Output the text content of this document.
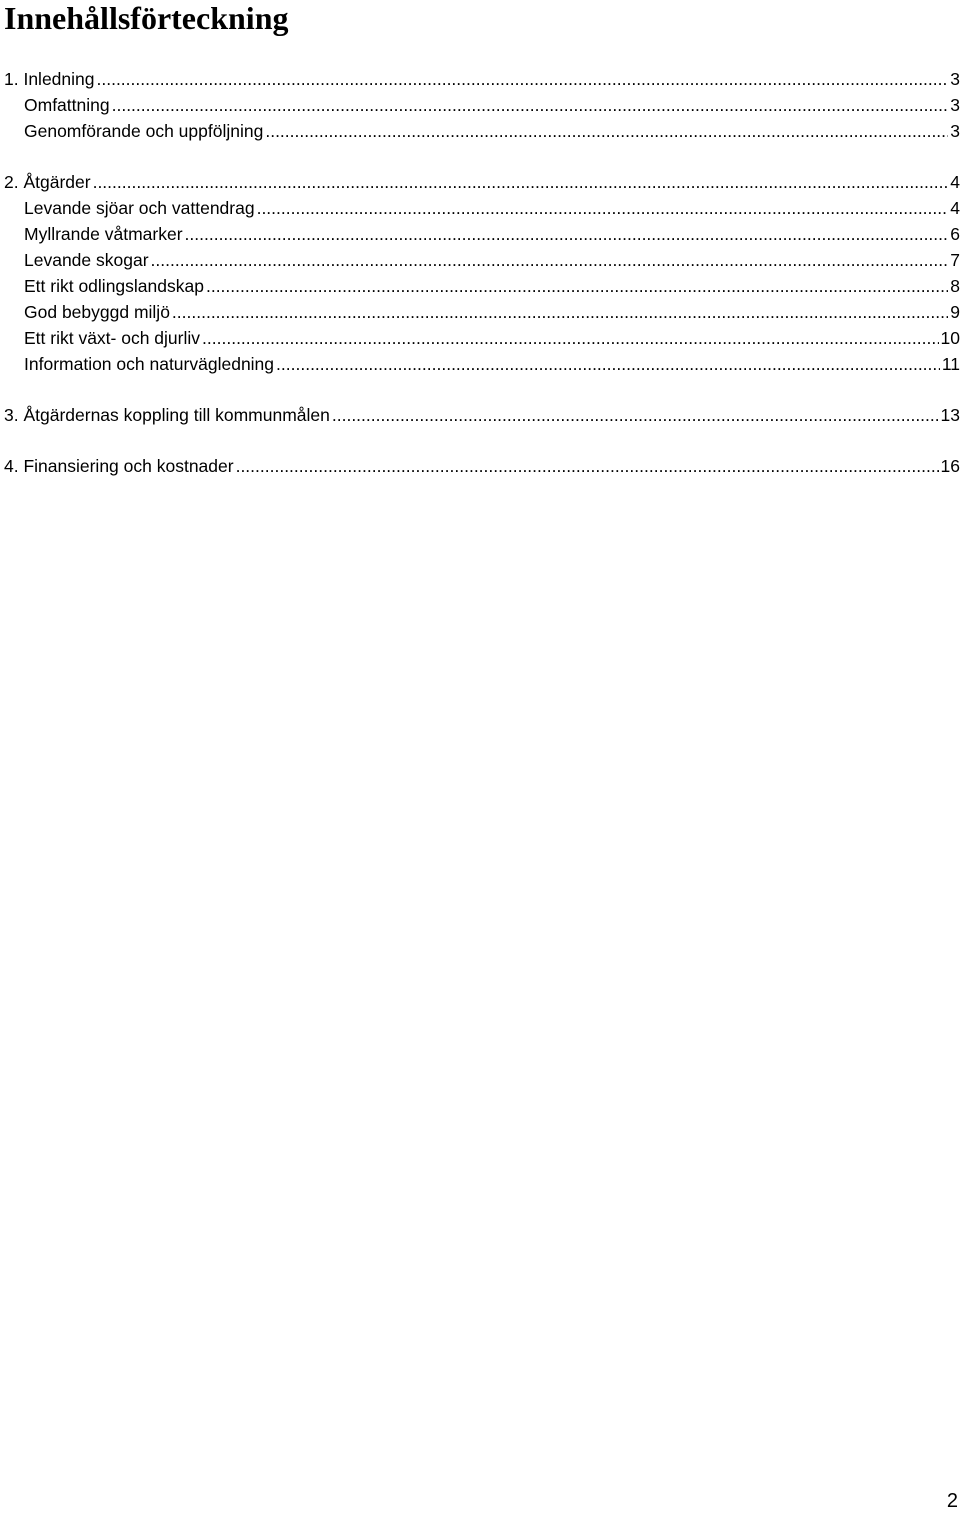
Innehållsförteckning
1. Inledning .....	3
Omfattning .....	3
Genomförande och uppföljning .....	3
2. Åtgärder .....	4
Levande sjöar och vattendrag .....	4
Myllrande våtmarker .....	6
Levande skogar .....	7
Ett rikt odlingslandskap .....	8
God bebyggd miljö .....	9
Ett rikt växt- och djurliv .....	10
Information och naturvägledning .....	11
3. Åtgärdernas koppling till kommunmålen .....	13
4. Finansiering och kostnader .....	16
2
